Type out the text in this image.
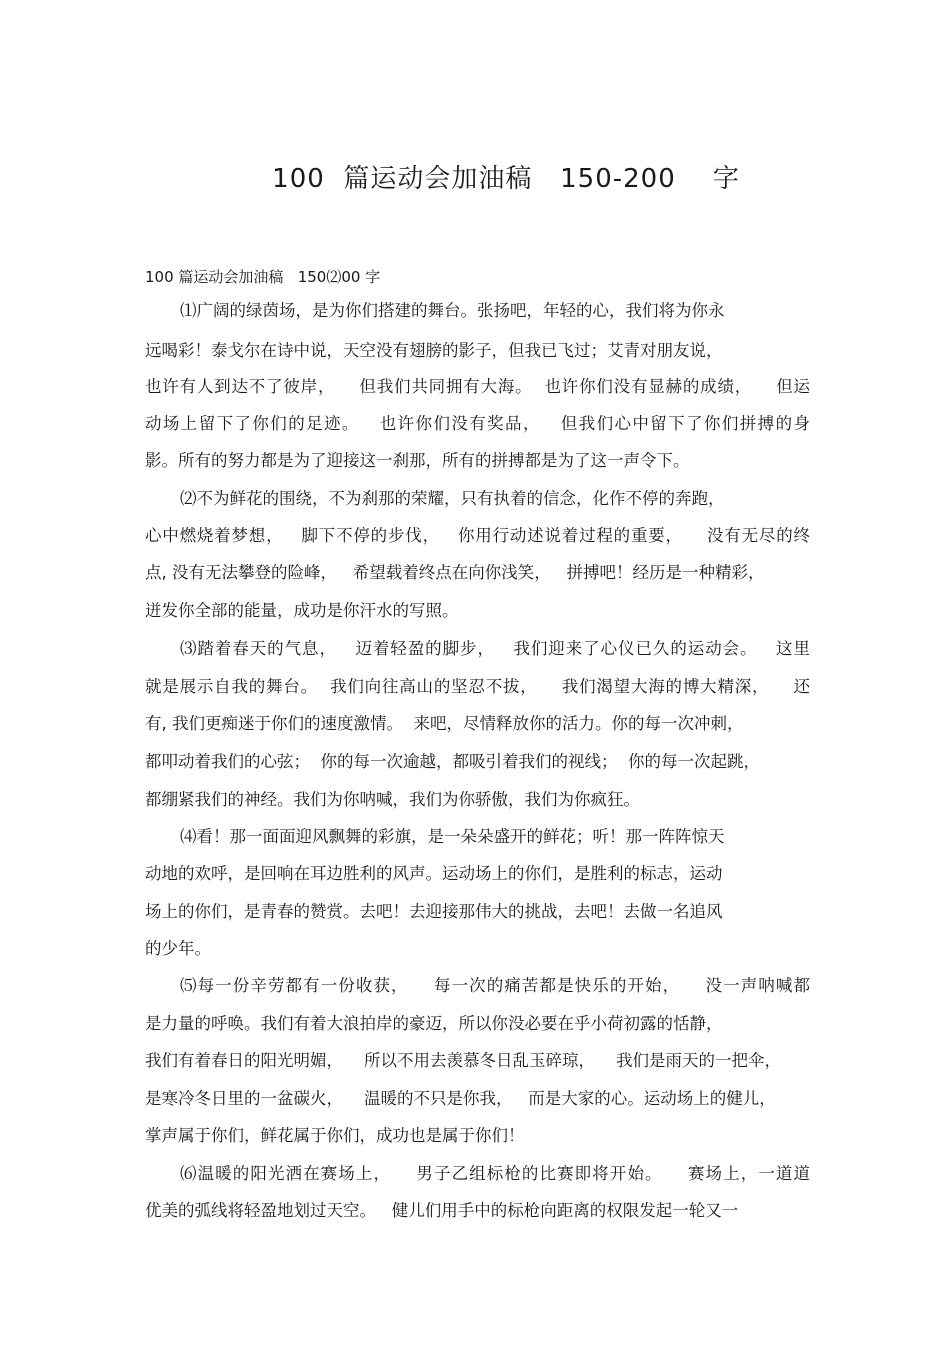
100  篇运动会加油稿   150-200    字
100 篇运动会加油稿   150⑵00 字
⑴广阔的绿茵场，是为你们搭建的舞台。张扬吧，年轻的心，我们将为你永
远喝彩！泰戈尔在诗中说，天空没有翅膀的影子，但我已飞过；艾青对朋友说，
也许有人到达不了彼岸，    但我们共同拥有大海。  也许你们没有显赫的成绩，    但运
动场上留下了你们的足迹。   也许你们没有奖品，   但我们心中留下了你们拼搏的身
影。所有的努力都是为了迎接这一刹那，所有的拼搏都是为了这一声令下。
⑵不为鲜花的围绕，不为刹那的荣耀，只有执着的信念，化作不停的奔跑，
心中燃烧着梦想，   脚下不停的步伐，   你用行动述说着过程的重要，    没有无尽的终
点, 没有无法攀登的险峰，   希望载着终点在向你浅笑，   拼搏吧！经历是一种精彩，
迸发你全部的能量，成功是你汗水的写照。
⑶踏着春天的气息，   迈着轻盈的脚步，   我们迎来了心仪已久的运动会。   这里
就是展示自我的舞台。  我们向往高山的坚忍不拔，    我们渴望大海的博大精深，    还
有, 我们更痴迷于你们的速度激情。  来吧，尽情释放你的活力。你的每一次冲刺，
都叩动着我们的心弦；  你的每一次逾越，都吸引着我们的视线；  你的每一次起跳，
都绷紧我们的神经。我们为你呐喊，我们为你骄傲，我们为你疯狂。
⑷看！那一面面迎风飘舞的彩旗，是一朵朵盛开的鲜花；听！那一阵阵惊天
动地的欢呼，是回响在耳边胜利的风声。运动场上的你们，是胜利的标志，运动
场上的你们，是青春的赞赏。去吧！去迎接那伟大的挑战，去吧！去做一名追风
的少年。
⑸每一份辛劳都有一份收获，    每一次的痛苦都是快乐的开始，    没一声呐喊都
是力量的呼唤。我们有着大浪拍岸的豪迈，所以你没必要在乎小荷初露的恬静，
我们有着春日的阳光明媚，    所以不用去羡慕冬日乱玉碎琼，    我们是雨天的一把伞，
是寒冷冬日里的一盆碳火，    温暖的不只是你我，   而是大家的心。运动场上的健儿，
掌声属于你们，鲜花属于你们，成功也是属于你们！
⑹温暖的阳光洒在赛场上，    男子乙组标枪的比赛即将开始。    赛场上，一道道
优美的弧线将轻盈地划过天空。   健儿们用手中的标枪向距离的权限发起一轮又一
